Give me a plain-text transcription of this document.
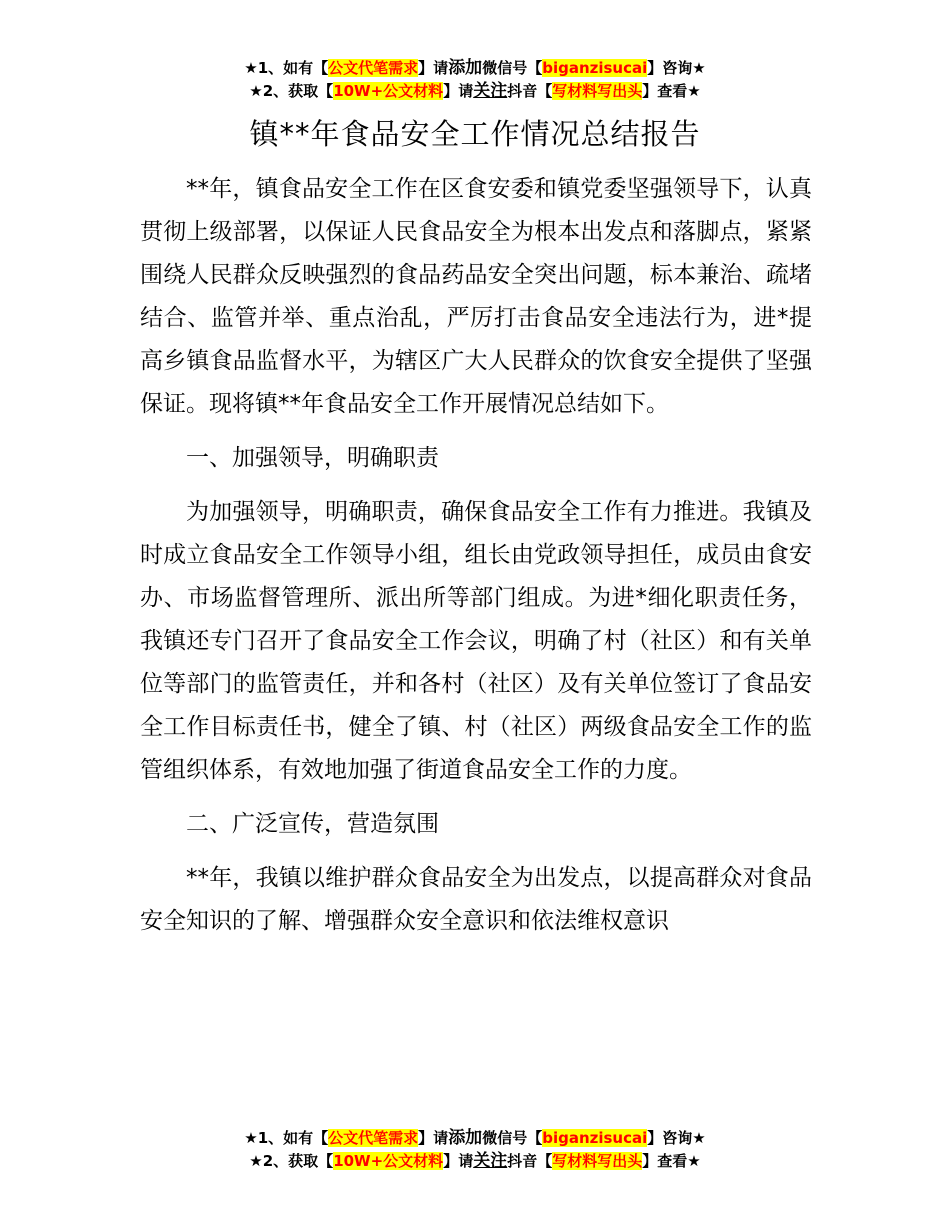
★1、如有【公文代笔需求】请添加微信号【biganzisucai】咨询★
★2、获取【10W+公文材料】请关注抖音【写材料写出头】查看★
镇**年食品安全工作情况总结报告

**年，镇食品安全工作在区食安委和镇党委坚强领导下，认真贯彻上级部署，以保证人民食品安全为根本出发点和落脚点，紧紧围绕人民群众反映强烈的食品药品安全突出问题，标本兼治、疏堵结合、监管并举、重点治乱，严厉打击食品安全违法行为，进*提高乡镇食品监督水平，为辖区广大人民群众的饮食安全提供了坚强保证。现将镇**年食品安全工作开展情况总结如下。

一、加强领导，明确职责

为加强领导，明确职责，确保食品安全工作有力推进。我镇及时成立食品安全工作领导小组，组长由党政领导担任，成员由食安办、市场监督管理所、派出所等部门组成。为进*细化职责任务，我镇还专门召开了食品安全工作会议，明确了村（社区）和有关单位等部门的监管责任，并和各村（社区）及有关单位签订了食品安全工作目标责任书，健全了镇、村（社区）两级食品安全工作的监管组织体系，有效地加强了街道食品安全工作的力度。

二、广泛宣传，营造氛围

**年，我镇以维护群众食品安全为出发点，以提高群众对食品安全知识的了解、增强群众安全意识和依法维权意识

★1、如有【公文代笔需求】请添加微信号【biganzisucai】咨询★
★2、获取【10W+公文材料】请关注抖音【写材料写出头】查看★
